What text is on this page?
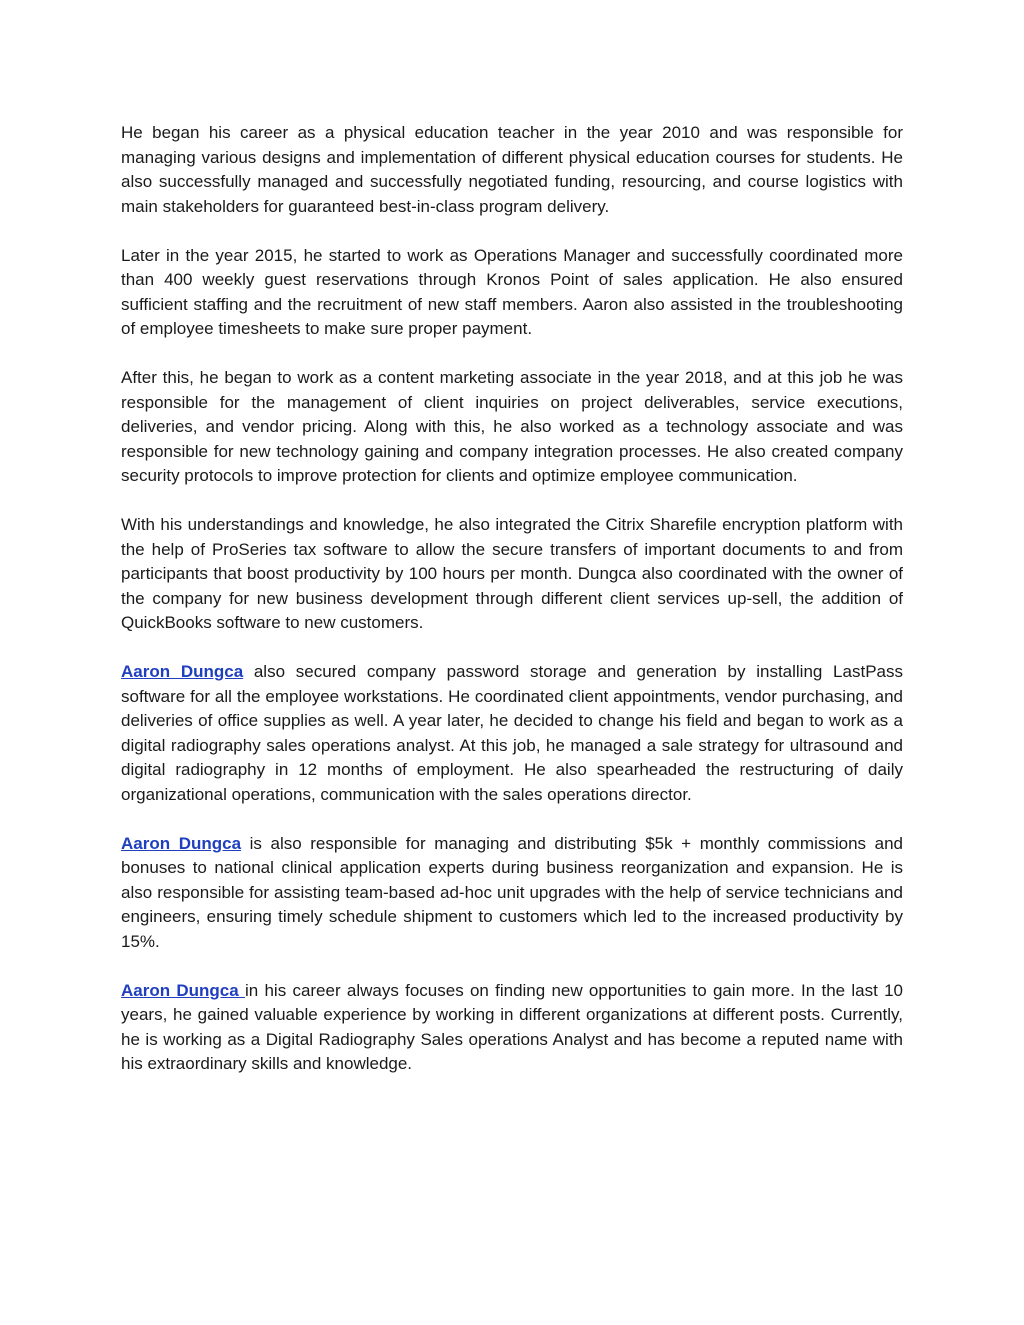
He began his career as a physical education teacher in the year 2010 and was responsible for managing various designs and implementation of different physical education courses for students. He also successfully managed and successfully negotiated funding, resourcing, and course logistics with main stakeholders for guaranteed best-in-class program delivery.

Later in the year 2015, he started to work as Operations Manager and successfully coordinated more than 400 weekly guest reservations through Kronos Point of sales application. He also ensured sufficient staffing and the recruitment of new staff members. Aaron also assisted in the troubleshooting of employee timesheets to make sure proper payment.

After this, he began to work as a content marketing associate in the year 2018, and at this job he was responsible for the management of client inquiries on project deliverables, service executions, deliveries, and vendor pricing. Along with this, he also worked as a technology associate and was responsible for new technology gaining and company integration processes. He also created company security protocols to improve protection for clients and optimize employee communication.

With his understandings and knowledge, he also integrated the Citrix Sharefile encryption platform with the help of ProSeries tax software to allow the secure transfers of important documents to and from participants that boost productivity by 100 hours per month. Dungca also coordinated with the owner of the company for new business development through different client services up-sell, the addition of QuickBooks software to new customers.

Aaron Dungca also secured company password storage and generation by installing LastPass software for all the employee workstations. He coordinated client appointments, vendor purchasing, and deliveries of office supplies as well. A year later, he decided to change his field and began to work as a digital radiography sales operations analyst. At this job, he managed a sale strategy for ultrasound and digital radiography in 12 months of employment. He also spearheaded the restructuring of daily organizational operations, communication with the sales operations director.

Aaron Dungca is also responsible for managing and distributing $5k + monthly commissions and bonuses to national clinical application experts during business reorganization and expansion. He is also responsible for assisting team-based ad-hoc unit upgrades with the help of service technicians and engineers, ensuring timely schedule shipment to customers which led to the increased productivity by 15%.

Aaron Dungca in his career always focuses on finding new opportunities to gain more. In the last 10 years, he gained valuable experience by working in different organizations at different posts. Currently, he is working as a Digital Radiography Sales operations Analyst and has become a reputed name with his extraordinary skills and knowledge.
